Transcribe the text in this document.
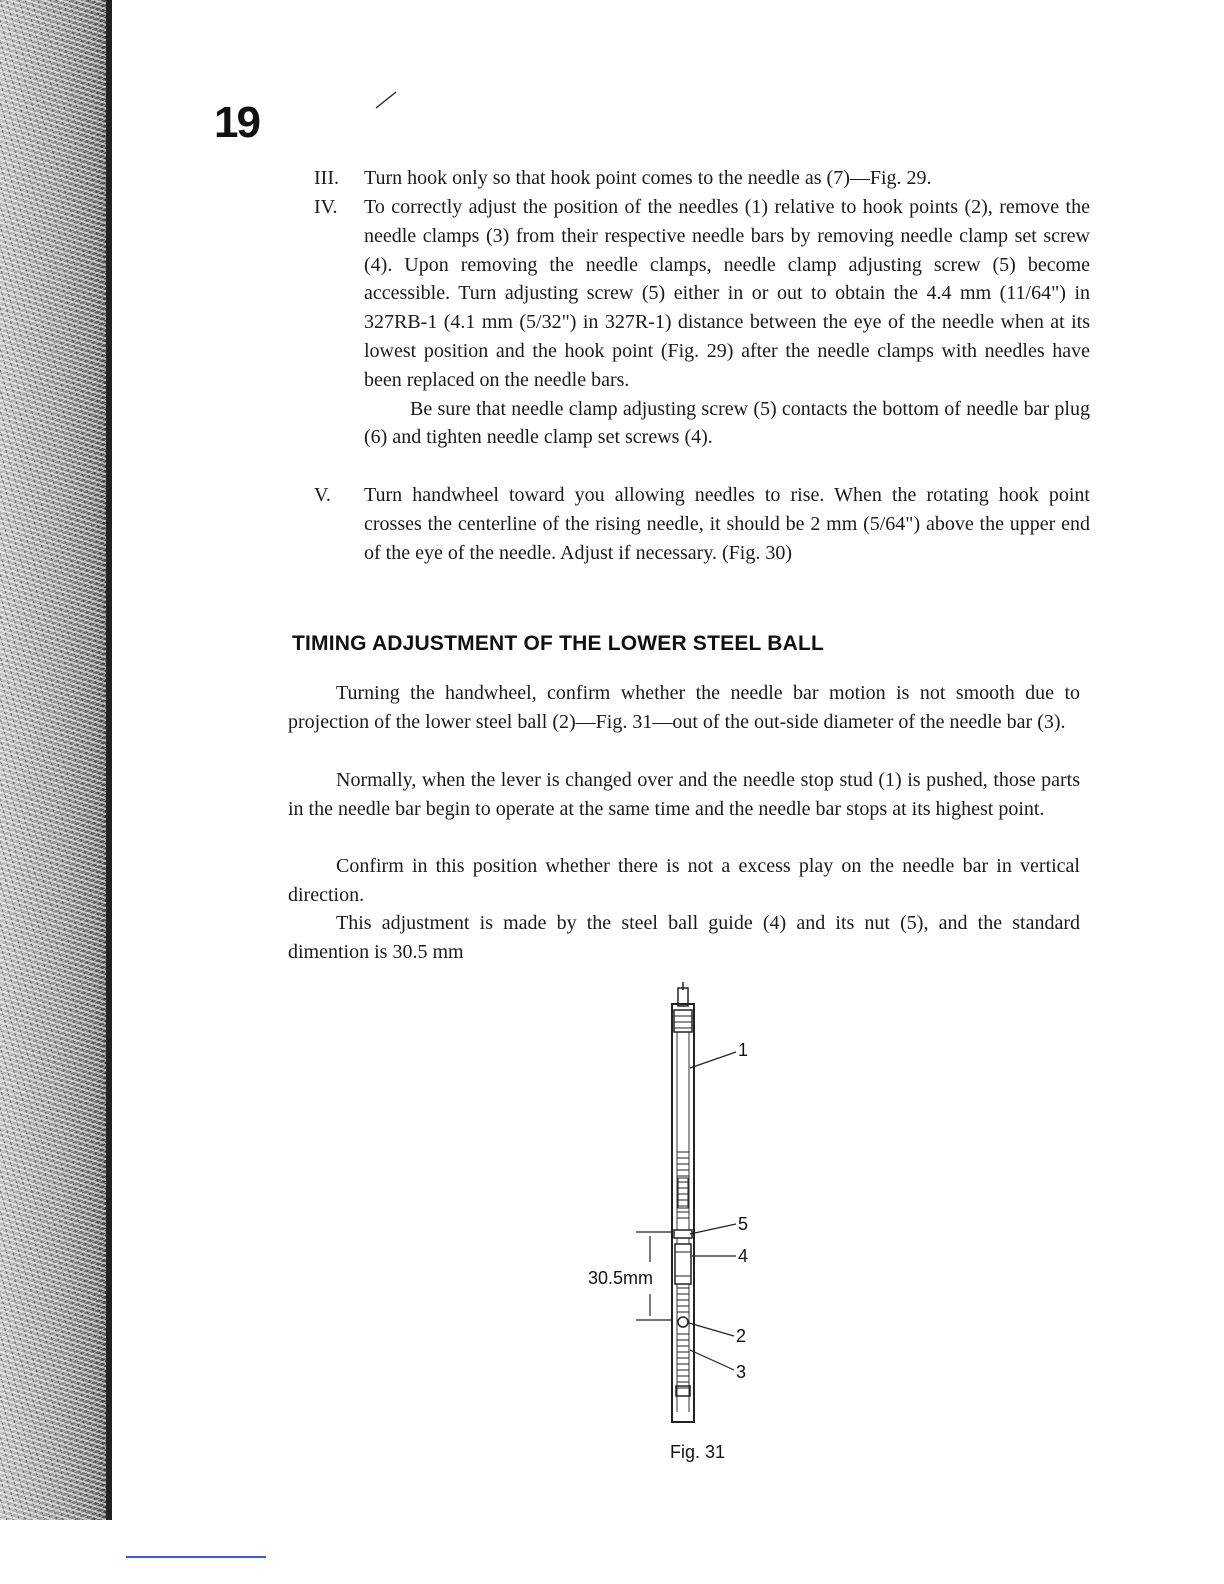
19
III. Turn hook only so that hook point comes to the needle as (7)—Fig. 29.
IV. To correctly adjust the position of the needles (1) relative to hook points (2), remove the needle clamps (3) from their respective needle bars by removing needle clamp set screw (4). Upon removing the needle clamps, needle clamp adjusting screw (5) become accessible. Turn adjusting screw (5) either in or out to obtain the 4.4 mm (11/64") in 327RB-1 (4.1 mm (5/32") in 327R-1) distance between the eye of the needle when at its lowest position and the hook point (Fig. 29) after the needle clamps with needles have been replaced on the needle bars.
Be sure that needle clamp adjusting screw (5) contacts the bottom of needle bar plug (6) and tighten needle clamp set screws (4).
V. Turn handwheel toward you allowing needles to rise. When the rotating hook point crosses the centerline of the rising needle, it should be 2 mm (5/64") above the upper end of the eye of the needle. Adjust if necessary. (Fig. 30)
TIMING ADJUSTMENT OF THE LOWER STEEL BALL

Turning the handwheel, confirm whether the needle bar motion is not smooth due to projection of the lower steel ball (2)—Fig. 31—out of the out-side diameter of the needle bar (3).

Normally, when the lever is changed over and the needle stop stud (1) is pushed, those parts in the needle bar begin to operate at the same time and the needle bar stops at its highest point.

Confirm in this position whether there is not a excess play on the needle bar in vertical direction.

This adjustment is made by the steel ball guide (4) and its nut (5), and the standard dimention is 30.5 mm

1
5
4
2
3
30.5mm
Fig. 31
